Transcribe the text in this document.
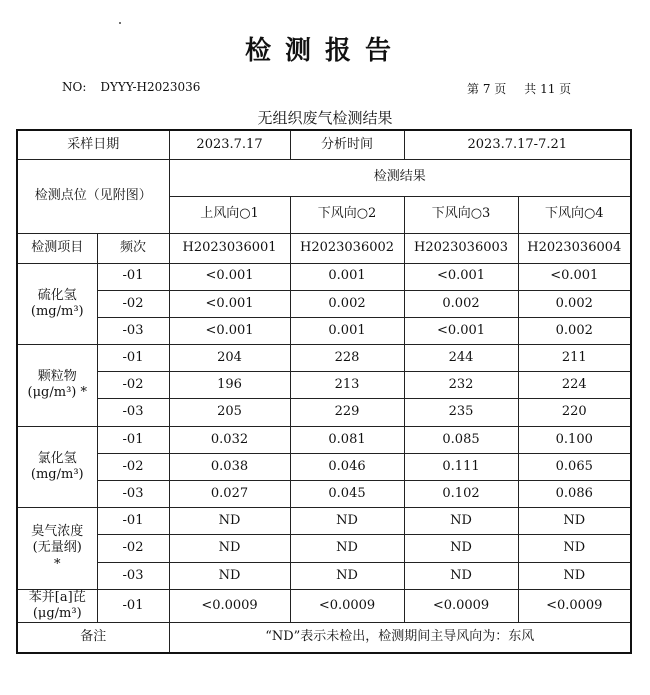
检测报告
NO: DYYY-H2023036	第 7 页 共 11 页
无组织废气检测结果
采样日期		2023.7.17	分析时间	2023.7.17-7.21	
检测点位（见附图）		检测结果			
		上风向○1	下风向○2	下风向○3	下风向○4
检测项目	频次	H2023036001	H2023036002	H2023036003	H2023036004

硫化氢
(mg/m³)	-01	<0.001	0.001	<0.001	<0.001
	-02	<0.001	0.002	0.002	0.002
	-03	<0.001	0.001	<0.001	0.002

颗粒物
(μg/m³) *	-01	204	228	244	211
	-02	196	213	232	224
	-03	205	229	235	220

氯化氢
(mg/m³)	-01	0.032	0.081	0.085	0.100
	-02	0.038	0.046	0.111	0.065
	-03	0.027	0.045	0.102	0.086

臭气浓度
(无量纲)
*	-01	ND	ND	ND	ND
	-02	ND	ND	ND	ND
	-03	ND	ND	ND	ND

苯并[a]芘
(μg/m³)	-01	<0.0009	<0.0009	<0.0009	<0.0009
备注		“ND”表示未检出，检测期间主导风向为：东风			
